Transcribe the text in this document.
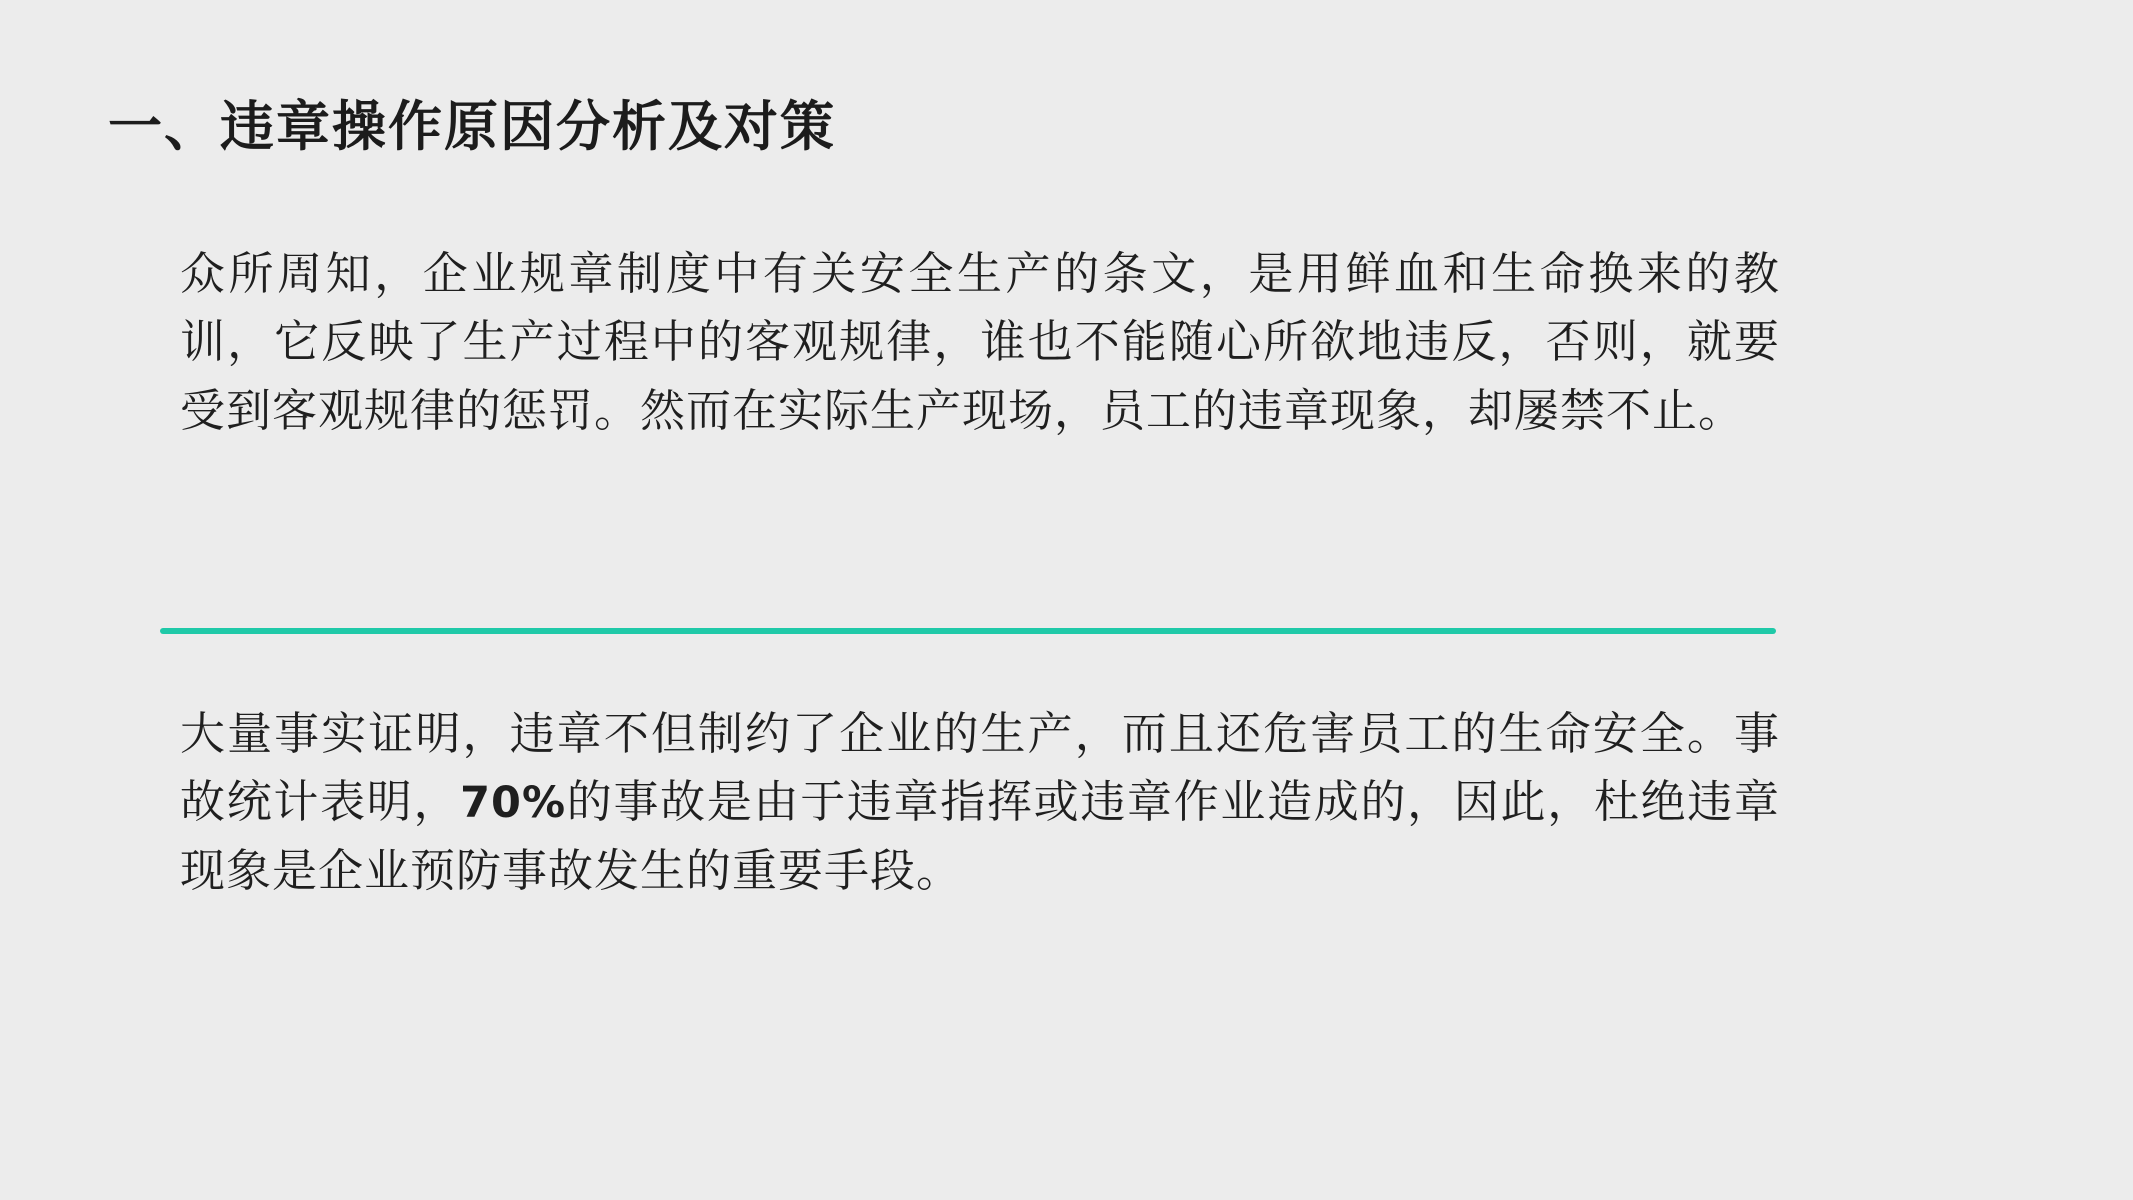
一、违章操作原因分析及对策
众所周知，企业规章制度中有关安全生产的条文，是用鲜血和生命换来的教训，它反映了生产过程中的客观规律，谁也不能随心所欲地违反，否则，就要受到客观规律的惩罚。然而在实际生产现场，员工的违章现象，却屡禁不止。
大量事实证明，违章不但制约了企业的生产，而且还危害员工的生命安全。事故统计表明，70%的事故是由于违章指挥或违章作业造成的，因此，杜绝违章现象是企业预防事故发生的重要手段。
